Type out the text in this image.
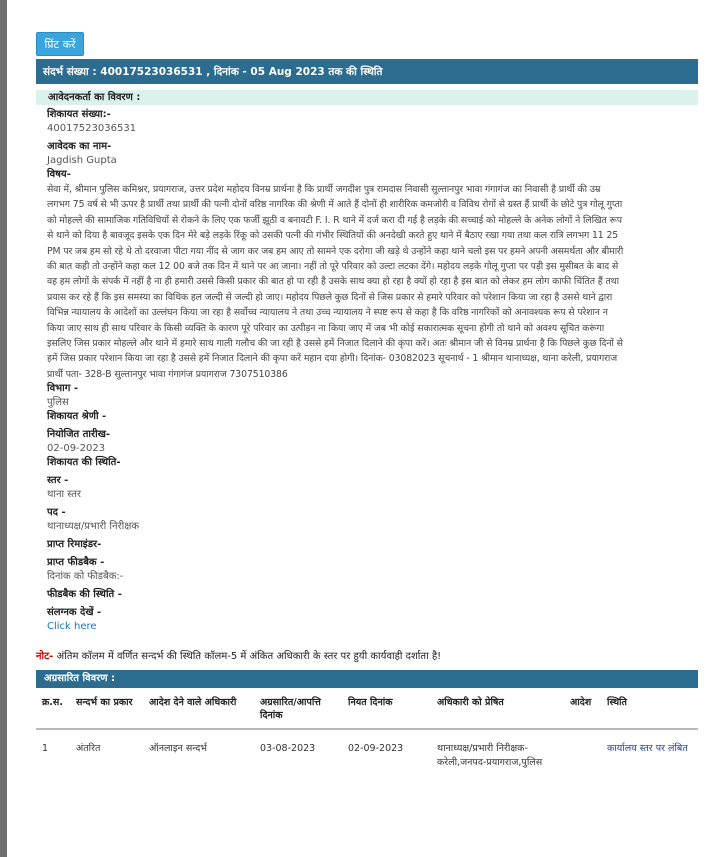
प्रिंट करें
संदर्भ संख्या : 40017523036531 , दिनांक - 05 Aug 2023 तक की स्थिति
आवेदनकर्ता का विवरण :
शिकायत संख्या:-
40017523036531
आवेदक का नाम-
Jagdish Gupta
विषय-
सेवा में, श्रीमान पुलिस कमिश्नर, प्रयागराज, उत्तर प्रदेश महोदय विनम्र प्रार्थना है कि प्रार्थी जगदीश पुत्र रामदास निवासी सुल्तानपुर भावा गंगागंज का निवासी है प्रार्थी की उम्र
लगभग 75 वर्ष से भी ऊपर है प्रार्थी तथा प्रार्थी की पत्नी दोनों वरिष्ठ नागरिक की श्रेणी में आते हैं दोनों ही शारीरिक कमजोरी व विविध रोगों से ग्रस्त हैं प्रार्थी के छोटे पुत्र गोलू गुप्ता
को मोहल्ले की सामाजिक गतिविधियों से रोकने के लिए एक फर्जी झूठी व बनावटी F. I. R थाने में दर्ज करा दी गई है लड़के की सच्चाई को मोहल्ले के अनेक लोगों ने लिखित रूप
से थाने को दिया है बावजूद इसके एक दिन मेरे बड़े लड़के रिंकू को उसकी पत्नी की गंभीर स्थितियों की अनदेखी करते हुए थाने में बैठाए रखा गया तथा कल रात्रि लगभग 11 25
PM पर जब हम सो रहे थे तो दरवाजा पीटा गया नींद से जाग कर जब हम आए तो सामने एक दरोगा जी खड़े थे उन्होंने कहा थाने चलो इस पर हमने अपनी असमर्थता और बीमारी
की बात कही तो उन्होंने कहा कल 12 00 बजे तक दिन में थाने पर आ जाना। नहीं तो पूरे परिवार को उल्टा लटका देंगे। महोदय लड़के गोलू गुप्ता पर पड़ी इस मुसीबत के बाद से
वह हम लोगों के संपर्क में नहीं है ना ही हमारी उससे किसी प्रकार की बात हो पा रही है उसके साथ क्या हो रहा है क्यों हो रहा है इस बात को लेकर हम लोग काफी चिंतित हैं तथा
प्रयास कर रहे हैं कि इस समस्या का विधिक हल जल्दी से जल्दी हो जाए। महोदय पिछले कुछ दिनों से जिस प्रकार से हमारे परिवार को परेशान किया जा रहा है उससे थाने द्वारा
विभिन्न न्यायालय के आदेशों का उल्लंघन किया जा रहा है सर्वोच्च न्यायालय ने तथा उच्च न्यायालय ने स्पष्ट रूप से कहा है कि वरिष्ठ नागरिकों को अनावश्यक रूप से परेशान न
किया जाए साथ ही साथ परिवार के किसी व्यक्ति के कारण पूरे परिवार का उत्पीड़न ना किया जाए में जब भी कोई सकारात्मक सूचना होगी तो थाने को अवश्य सूचित करूंगा
इसलिए जिस प्रकार मोहल्ले और थाने में हमारे साथ गाली गलौच की जा रही है उससे हमें निजात दिलाने की कृपा करें। अतः श्रीमान जी से विनम्र प्रार्थना है कि पिछले कुछ दिनों से
हमें जिस प्रकार परेशान किया जा रहा है उससे हमें निजात दिलाने की कृपा करें महान दया होगी। दिनांक- 03082023 सूचनार्थ - 1 श्रीमान थानाध्यक्ष, थाना करेली, प्रयागराज
प्रार्थी पता- 328-B सुल्तानपुर भावा गंगागंज प्रयागराज 7307510386
विभाग -
पुलिस
शिकायत श्रेणी -
नियोजित तारीख-
02-09-2023
शिकायत की स्थिति-
स्तर -
थाना स्तर
पद -
थानाध्यक्ष/प्रभारी निरीक्षक
प्राप्त रिमाइंडर-
प्राप्त फीडबैक -
दिनांक को फीडबैक:-
फीडबैक की स्थिति -
संलग्नक देखें -
Click here
नोट- अंतिम कॉलम में वर्णित सन्दर्भ की स्थिति कॉलम-5 में अंकित अधिकारी के स्तर पर हुयी कार्यवाही दर्शाता है!
अग्रसारित विवरण :
क्र.स.	सन्दर्भ का प्रकार	आदेश देने वाले अधिकारी	अग्रसारित/आपत्ति दिनांक	नियत दिनांक	अधिकारी को प्रेषित	आदेश	स्थिति
1	अंतरित	ऑनलाइन सन्दर्भ	03-08-2023	02-09-2023	थानाध्यक्ष/प्रभारी निरीक्षक-करेली,जनपद-प्रयागराज,पुलिस		कार्यालय स्तर पर लंबित
